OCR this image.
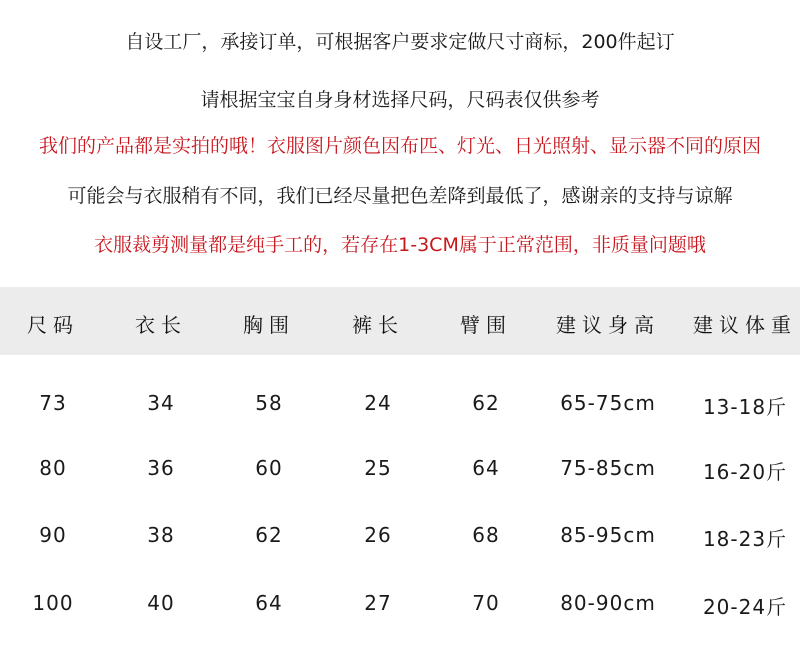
自设工厂，承接订单，可根据客户要求定做尺寸商标，200件起订
请根据宝宝自身身材选择尺码，尺码表仅供参考
我们的产品都是实拍的哦！衣服图片颜色因布匹、灯光、日光照射、显示器不同的原因
可能会与衣服稍有不同，我们已经尽量把色差降到最低了，感谢亲的支持与谅解
衣服裁剪测量都是纯手工的，若存在1-3CM属于正常范围，非质量问题哦
尺码	衣长	胸围	裤长	臂围	建议身高	建议体重
73	34	58	24	62	65-75cm	13-18斤
80	36	60	25	64	75-85cm	16-20斤
90	38	62	26	68	85-95cm	18-23斤
100	40	64	27	70	80-90cm	20-24斤
